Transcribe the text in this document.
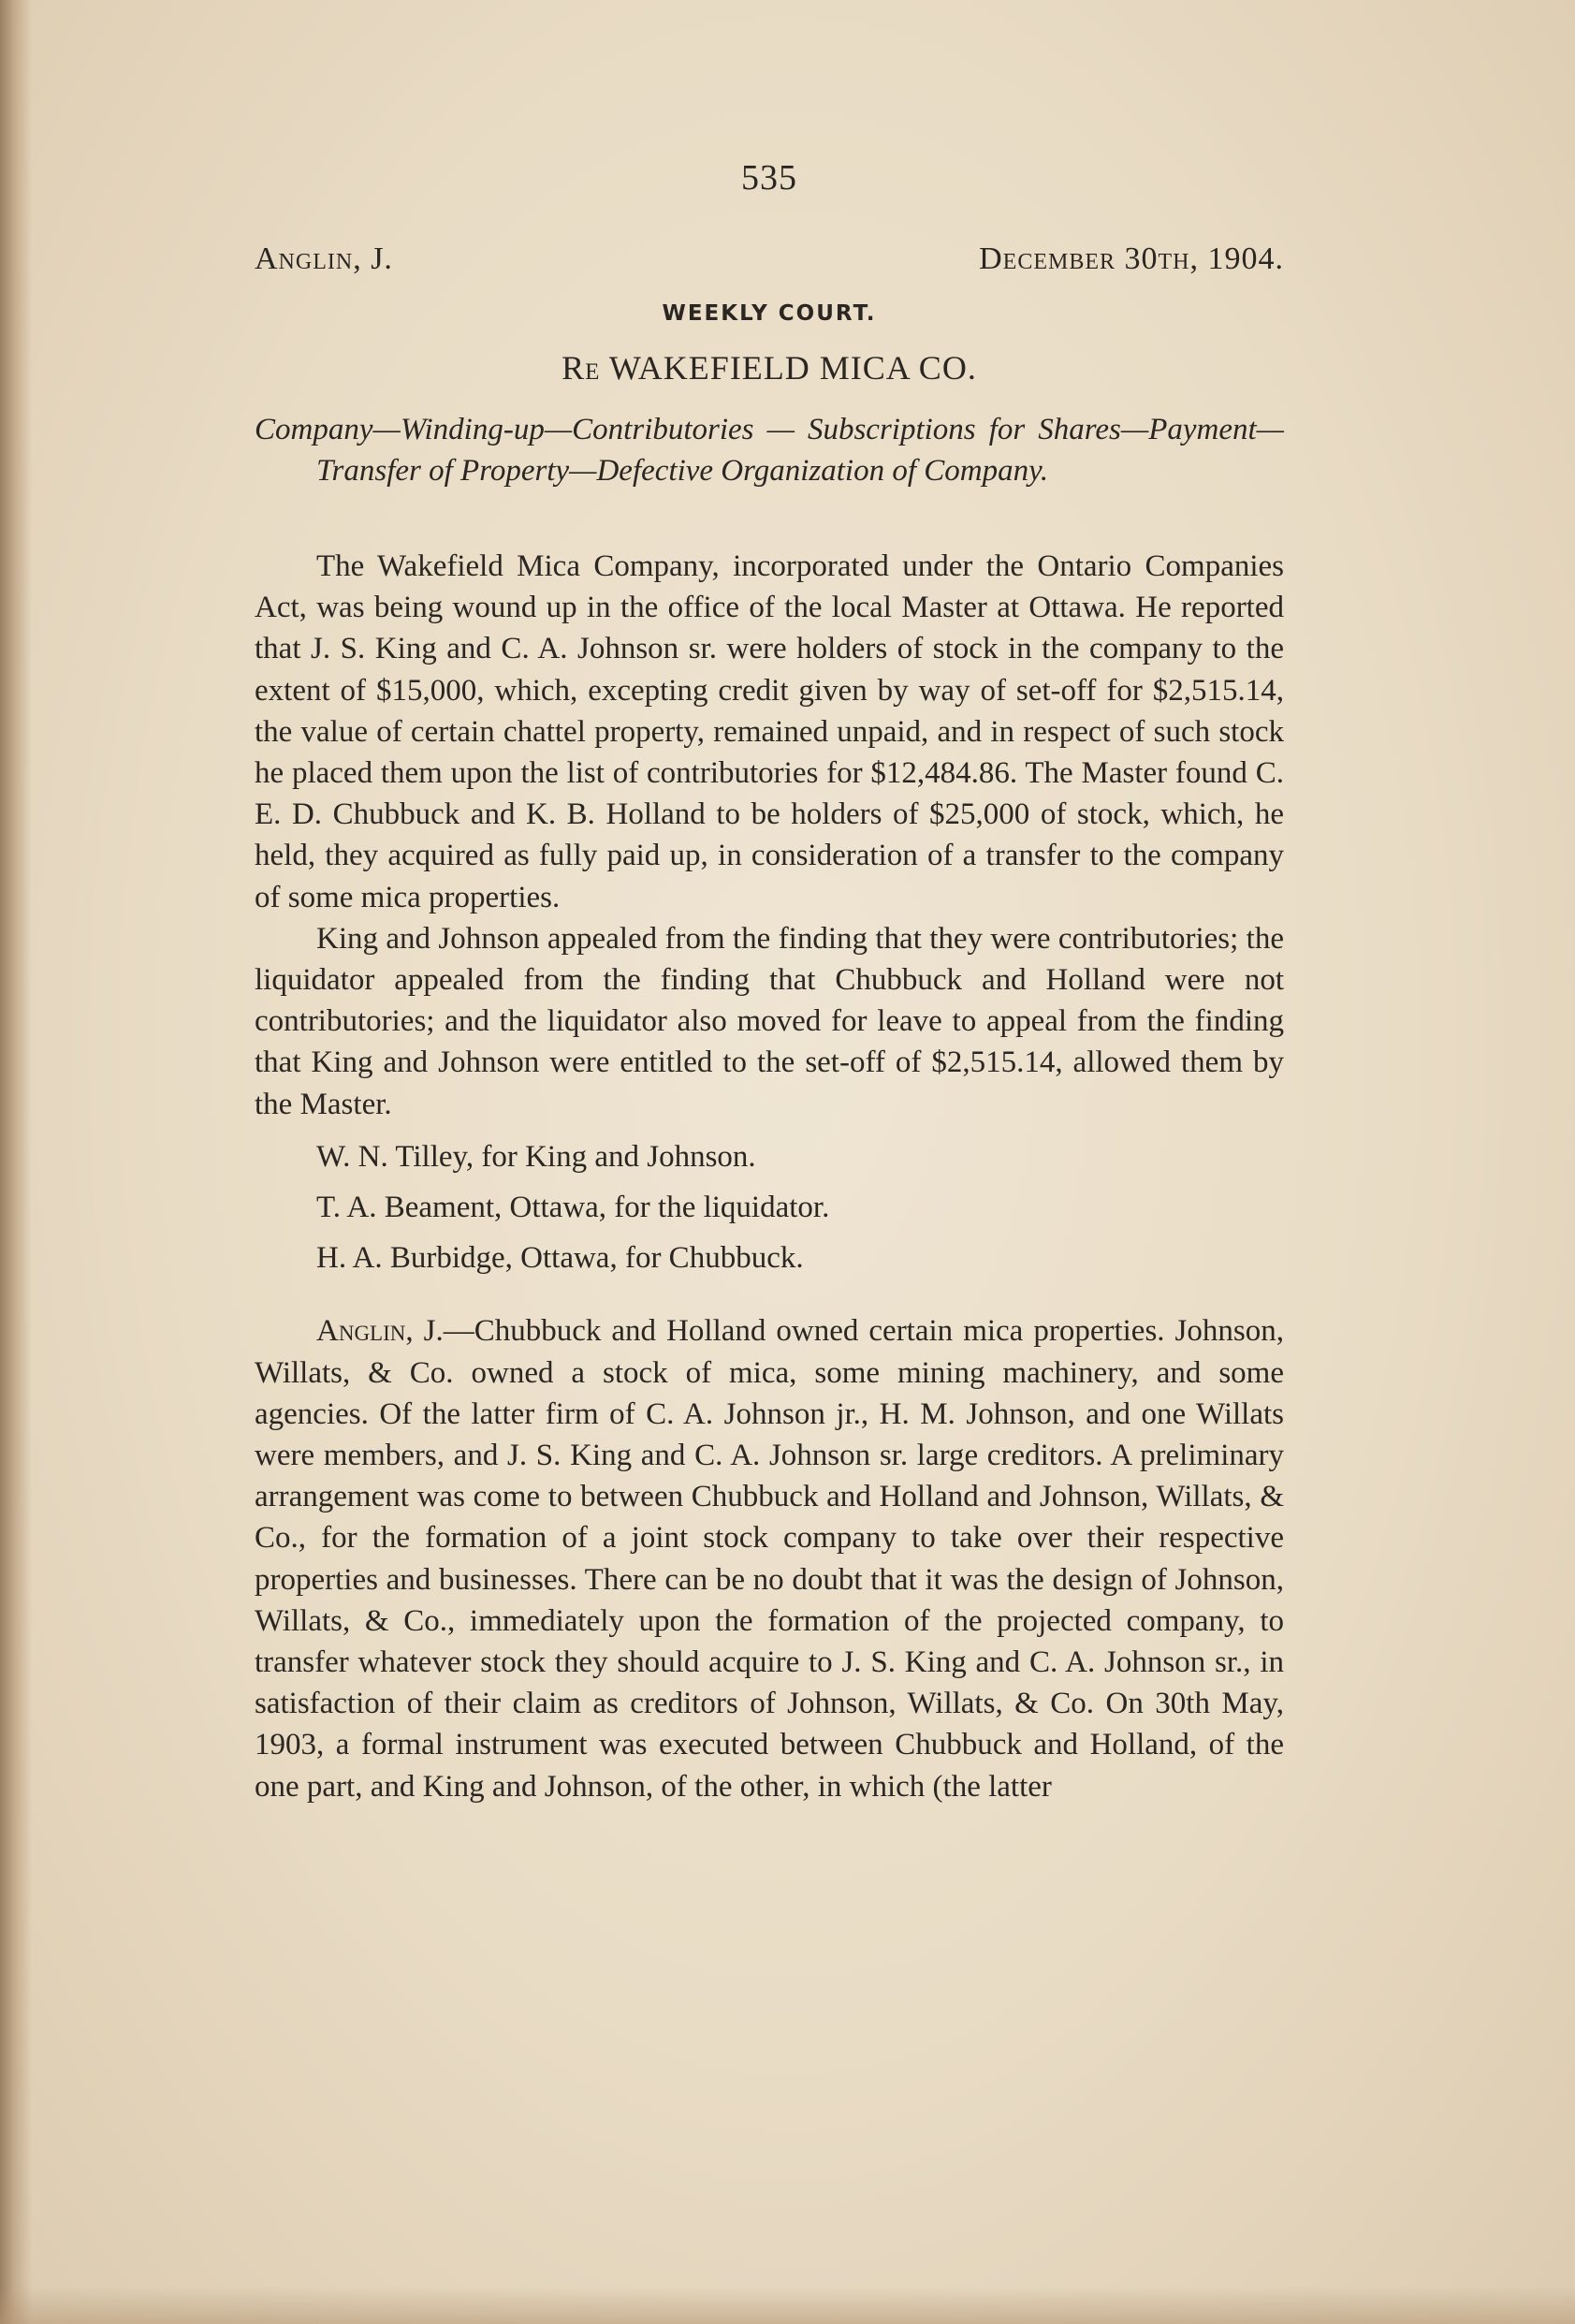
535
Anglin, J.	December 30th, 1904.
WEEKLY COURT.
Re WAKEFIELD MICA CO.
Company—Winding-up—Contributories — Subscriptions for Shares—Payment—Transfer of Property—Defective Organization of Company.

The Wakefield Mica Company, incorporated under the Ontario Companies Act, was being wound up in the office of the local Master at Ottawa. He reported that J. S. King and C. A. Johnson sr. were holders of stock in the company to the extent of $15,000, which, excepting credit given by way of set-off for $2,515.14, the value of certain chattel property, remained unpaid, and in respect of such stock he placed them upon the list of contributories for $12,484.86. The Master found C. E. D. Chubbuck and K. B. Holland to be holders of $25,000 of stock, which, he held, they acquired as fully paid up, in consideration of a transfer to the company of some mica properties.

King and Johnson appealed from the finding that they were contributories; the liquidator appealed from the finding that Chubbuck and Holland were not contributories; and the liquidator also moved for leave to appeal from the finding that King and Johnson were entitled to the set-off of $2,515.14, allowed them by the Master.

W. N. Tilley, for King and Johnson.

T. A. Beament, Ottawa, for the liquidator.

H. A. Burbidge, Ottawa, for Chubbuck.

Anglin, J.—Chubbuck and Holland owned certain mica properties. Johnson, Willats, & Co. owned a stock of mica, some mining machinery, and some agencies. Of the latter firm of C. A. Johnson jr., H. M. Johnson, and one Willats were members, and J. S. King and C. A. Johnson sr. large creditors. A preliminary arrangement was come to between Chubbuck and Holland and Johnson, Willats, & Co., for the formation of a joint stock company to take over their respective properties and businesses. There can be no doubt that it was the design of Johnson, Willats, & Co., immediately upon the formation of the projected company, to transfer whatever stock they should acquire to J. S. King and C. A. Johnson sr., in satisfaction of their claim as creditors of Johnson, Willats, & Co. On 30th May, 1903, a formal instrument was executed between Chubbuck and Holland, of the one part, and King and Johnson, of the other, in which (the latter
